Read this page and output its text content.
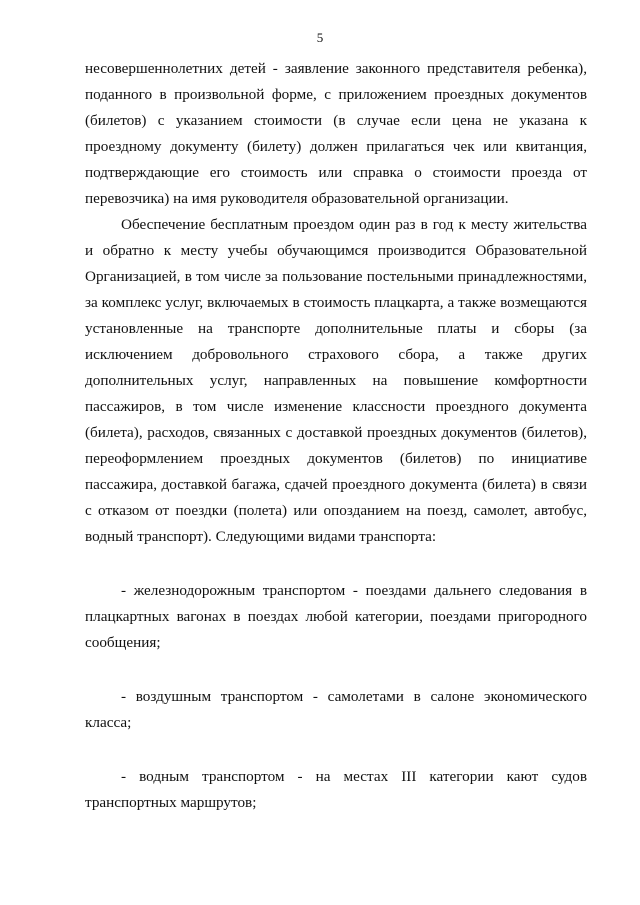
5

несовершеннолетних детей - заявление законного представителя ребенка), поданного в произвольной форме, с приложением проездных документов (билетов) с указанием стоимости (в случае если цена не указана к проездному документу (билету) должен прилагаться чек или квитанция, подтверждающие его стоимость или справка о стоимости проезда от перевозчика) на имя руководителя образовательной организации.

Обеспечение бесплатным проездом один раз в год к месту жительства и обратно к месту учебы обучающимся производится Образовательной Организацией, в том числе за пользование постельными принадлежностями, за комплекс услуг, включаемых в стоимость плацкарта, а также возмещаются установленные на транспорте дополнительные платы и сборы (за исключением добровольного страхового сбора, а также других дополнительных услуг, направленных на повышение комфортности пассажиров, в том числе изменение классности проездного документа (билета), расходов, связанных с доставкой проездных документов (билетов), переоформлением проездных документов (билетов) по инициативе пассажира, доставкой багажа, сдачей проездного документа (билета) в связи с отказом от поездки (полета) или опозданием на поезд, самолет, автобус, водный транспорт). Следующими видами транспорта:

- железнодорожным транспортом - поездами дальнего следования в плацкартных вагонах в поездах любой категории, поездами пригородного сообщения;

- воздушным транспортом - самолетами в салоне экономического класса;

- водным транспортом - на местах III категории кают судов транспортных маршрутов;
